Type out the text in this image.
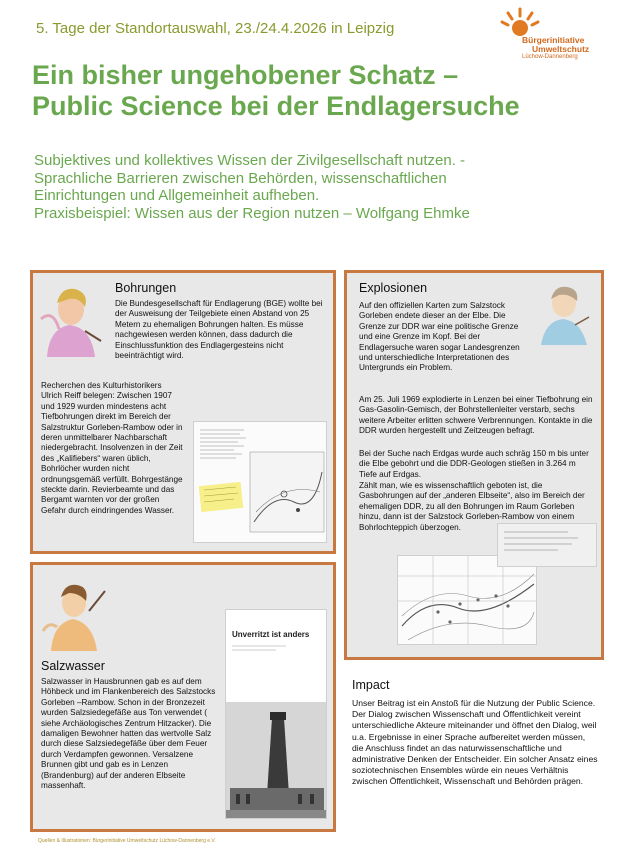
5. Tage der Standortauswahl, 23./24.4.2026 in Leipzig
Bürgerinitiative
Umweltschutz
Lüchow-Dannenberg
Ein bisher ungehobener Schatz –
Public Science bei der Endlagersuche
Subjektives und kollektives Wissen der Zivilgesellschaft nutzen. -
Sprachliche Barrieren zwischen Behörden, wissenschaftlichen
Einrichtungen und Allgemeinheit aufheben.
Praxisbeispiel: Wissen aus der Region nutzen – Wolfgang Ehmke
Bohrungen
Die Bundesgesellschaft für Endlagerung (BGE) wollte bei der Ausweisung der Teilgebiete einen Abstand von 25 Metern zu ehemaligen Bohrungen halten. Es müsse nachgewiesen werden können, dass dadurch die Einschlussfunktion des Endlagergesteins nicht beeinträchtigt wird.
Recherchen des Kulturhistorikers Ulrich Reiff belegen: Zwischen 1907 und 1929 wurden mindestens acht Tiefbohrungen direkt im Bereich der Salzstruktur Gorleben-Rambow oder in deren unmittelbarer Nachbarschaft niedergebracht. Insolvenzen in der Zeit des „Kalifiebers“ waren üblich, Bohrlöcher wurden nicht ordnungsgemäß verfüllt. Bohrgestänge steckte darin. Revierbeamte und das Bergamt warnten vor der großen Gefahr durch eindringendes Wasser.
Explosionen
Auf den offiziellen Karten zum Salzstock Gorleben endete dieser an der Elbe. Die Grenze zur DDR war eine politische Grenze und eine Grenze im Kopf. Bei der Endlagersuche waren sogar Landesgrenzen und unterschiedliche Interpretationen des Untergrunds ein Problem.
Am 25. Juli 1969 explodierte in Lenzen bei einer Tiefbohrung ein Gas-Gasolin-Gemisch, der Bohrstellenleiter verstarb, sechs weitere Arbeiter erlitten schwere Verbrennungen. Kontakte in die DDR wurden hergestellt und Zeitzeugen befragt.
Bei der Suche nach Erdgas wurde auch schräg 150 m bis unter die Elbe gebohrt und die DDR-Geologen stießen in 3.264 m Tiefe auf Erdgas.
Zählt man, wie es wissenschaftlich geboten ist, die Gasbohrungen auf der „anderen Elbseite“, also im Bereich der ehemaligen DDR, zu all den Bohrungen im Raum Gorleben hinzu, dann ist der Salzstock Gorleben-Rambow von einem Bohrlochteppich überzogen.
Salzwasser
Salzwasser in Hausbrunnen gab es auf dem Höhbeck und im Flankenbereich des Salzstocks Gorleben –Rambow. Schon in der Bronzezeit wurden Salzsiedegefäße aus Ton verwendet ( siehe Archäologisches Zentrum Hitzacker). Die damaligen Bewohner hatten das wertvolle Salz durch diese Salzsiedegefäße über dem Feuer durch Verdampfen gewonnen. Versalzene Brunnen gibt und gab es in Lenzen (Brandenburg) auf der anderen Elbseite massenhaft.
Unverritzt ist anders
Impact
Unser Beitrag ist ein Anstoß für die Nutzung der Public Science. Der Dialog zwischen Wissenschaft und Öffentlichkeit vereint unterschiedliche Akteure miteinander und öffnet den Dialog, weil u.a. Ergebnisse in einer Sprache aufbereitet werden müssen, die Anschluss findet an das naturwissenschaftliche und administrative Denken der Entscheider. Ein solcher Ansatz eines soziotechnischen Ensembles würde ein neues Verhältnis zwischen Öffentlichkeit, Wissenschaft und Behörden prägen.
Quellen & Illustrationen: Bürgerinitiative Umweltschutz Lüchow-Dannenberg e.V.
